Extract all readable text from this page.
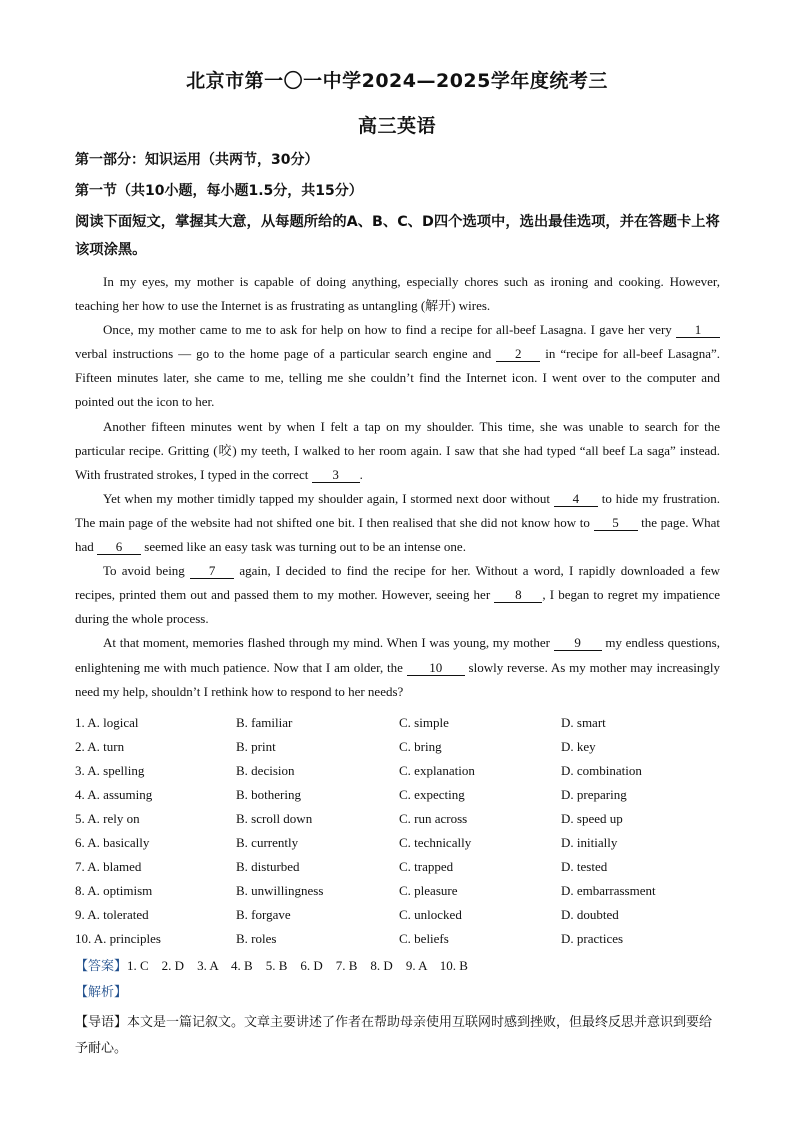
北京市第一〇一中学2024—2025学年度统考三
高三英语
第一部分：知识运用（共两节，30分）
第一节（共10小题，每小题1.5分，共15分）
阅读下面短文，掌握其大意，从每题所给的A、B、C、D四个选项中，选出最佳选项，并在答题卡上将该项涂黑。

In my eyes, my mother is capable of doing anything, especially chores such as ironing and cooking. However, teaching her how to use the Internet is as frustrating as untangling (解开) wires.

Once, my mother came to me to ask for help on how to find a recipe for all-beef Lasagna. I gave her very 1 verbal instructions — go to the home page of a particular search engine and 2 in “recipe for all-beef Lasagna”. Fifteen minutes later, she came to me, telling me she couldn’t find the Internet icon. I went over to the computer and pointed out the icon to her.

Another fifteen minutes went by when I felt a tap on my shoulder. This time, she was unable to search for the particular recipe. Gritting (咬) my teeth, I walked to her room again. I saw that she had typed “all beef La saga” instead. With frustrated strokes, I typed in the correct 3 .

Yet when my mother timidly tapped my shoulder again, I stormed next door without 4 to hide my frustration. The main page of the website had not shifted one bit. I then realised that she did not know how to 5 the page. What had 6 seemed like an easy task was turning out to be an intense one.

To avoid being 7 again, I decided to find the recipe for her. Without a word, I rapidly downloaded a few recipes, printed them out and passed them to my mother. However, seeing her 8 , I began to regret my impatience during the whole process.

At that moment, memories flashed through my mind. When I was young, my mother 9 my endless questions, enlightening me with much patience. Now that I am older, the 10 slowly reverse. As my mother may increasingly need my help, shouldn’t I rethink how to respond to her needs?

1. A. logical	B. familiar	C. simple	D. smart
2. A. turn	B. print	C. bring	D. key
3. A. spelling	B. decision	C. explanation	D. combination
4. A. assuming	B. bothering	C. expecting	D. preparing
5. A. rely on	B. scroll down	C. run across	D. speed up
6. A. basically	B. currently	C. technically	D. initially
7. A. blamed	B. disturbed	C. trapped	D. tested
8. A. optimism	B. unwillingness	C. pleasure	D. embarrassment
9. A. tolerated	B. forgave	C. unlocked	D. doubted
10. A. principles	B. roles	C. beliefs	D. practices
【答案】1. C　2. D　3. A　4. B　5. B　6. D　7. B　8. D　9. A　10. B
【解析】
【导语】本文是一篇记叙文。文章主要讲述了作者在帮助母亲使用互联网时感到挫败，但最终反思并意识到要给予耐心。
